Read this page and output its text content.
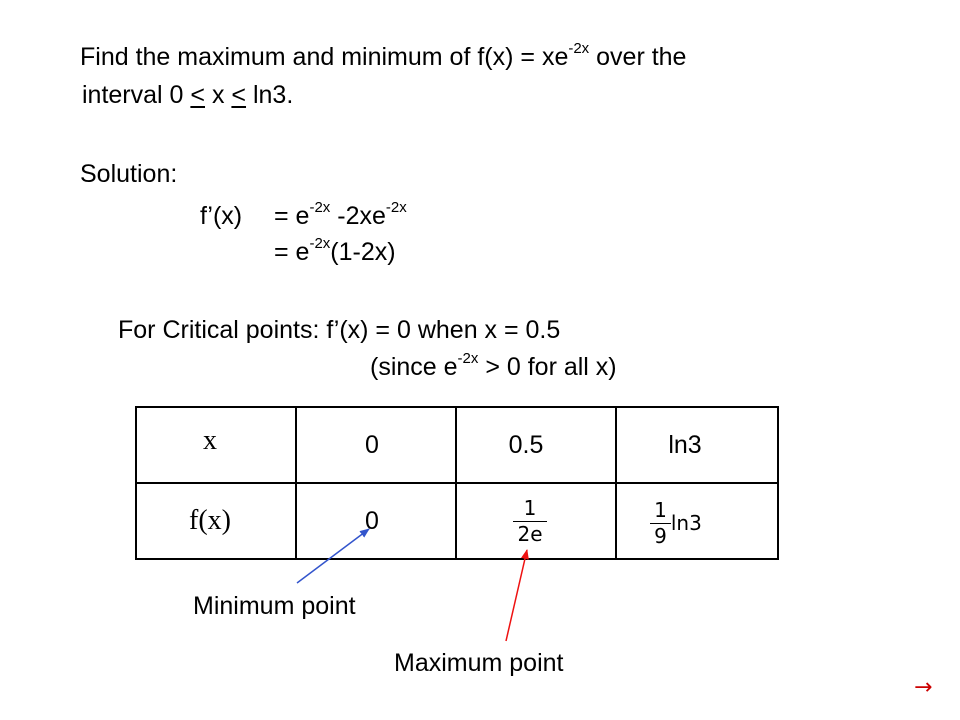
Find the maximum and minimum of $f(x) = xe^{-2x}$ over the
interval 0 < x < ln3.
Solution:
f’(x) = $e^{-2x}$ $-2xe^{-2x}$
= $e^{-2x}(1-2x)$
For Critical points: f’(x) = 0 when x = 0.5
(since $e^{-2x} > 0$ for all x)
x	0	0.5	ln3
f(x)	0	$\frac{1}{2e}$	$\frac{1}{9} \ln 3$
Minimum point
Maximum point
→
